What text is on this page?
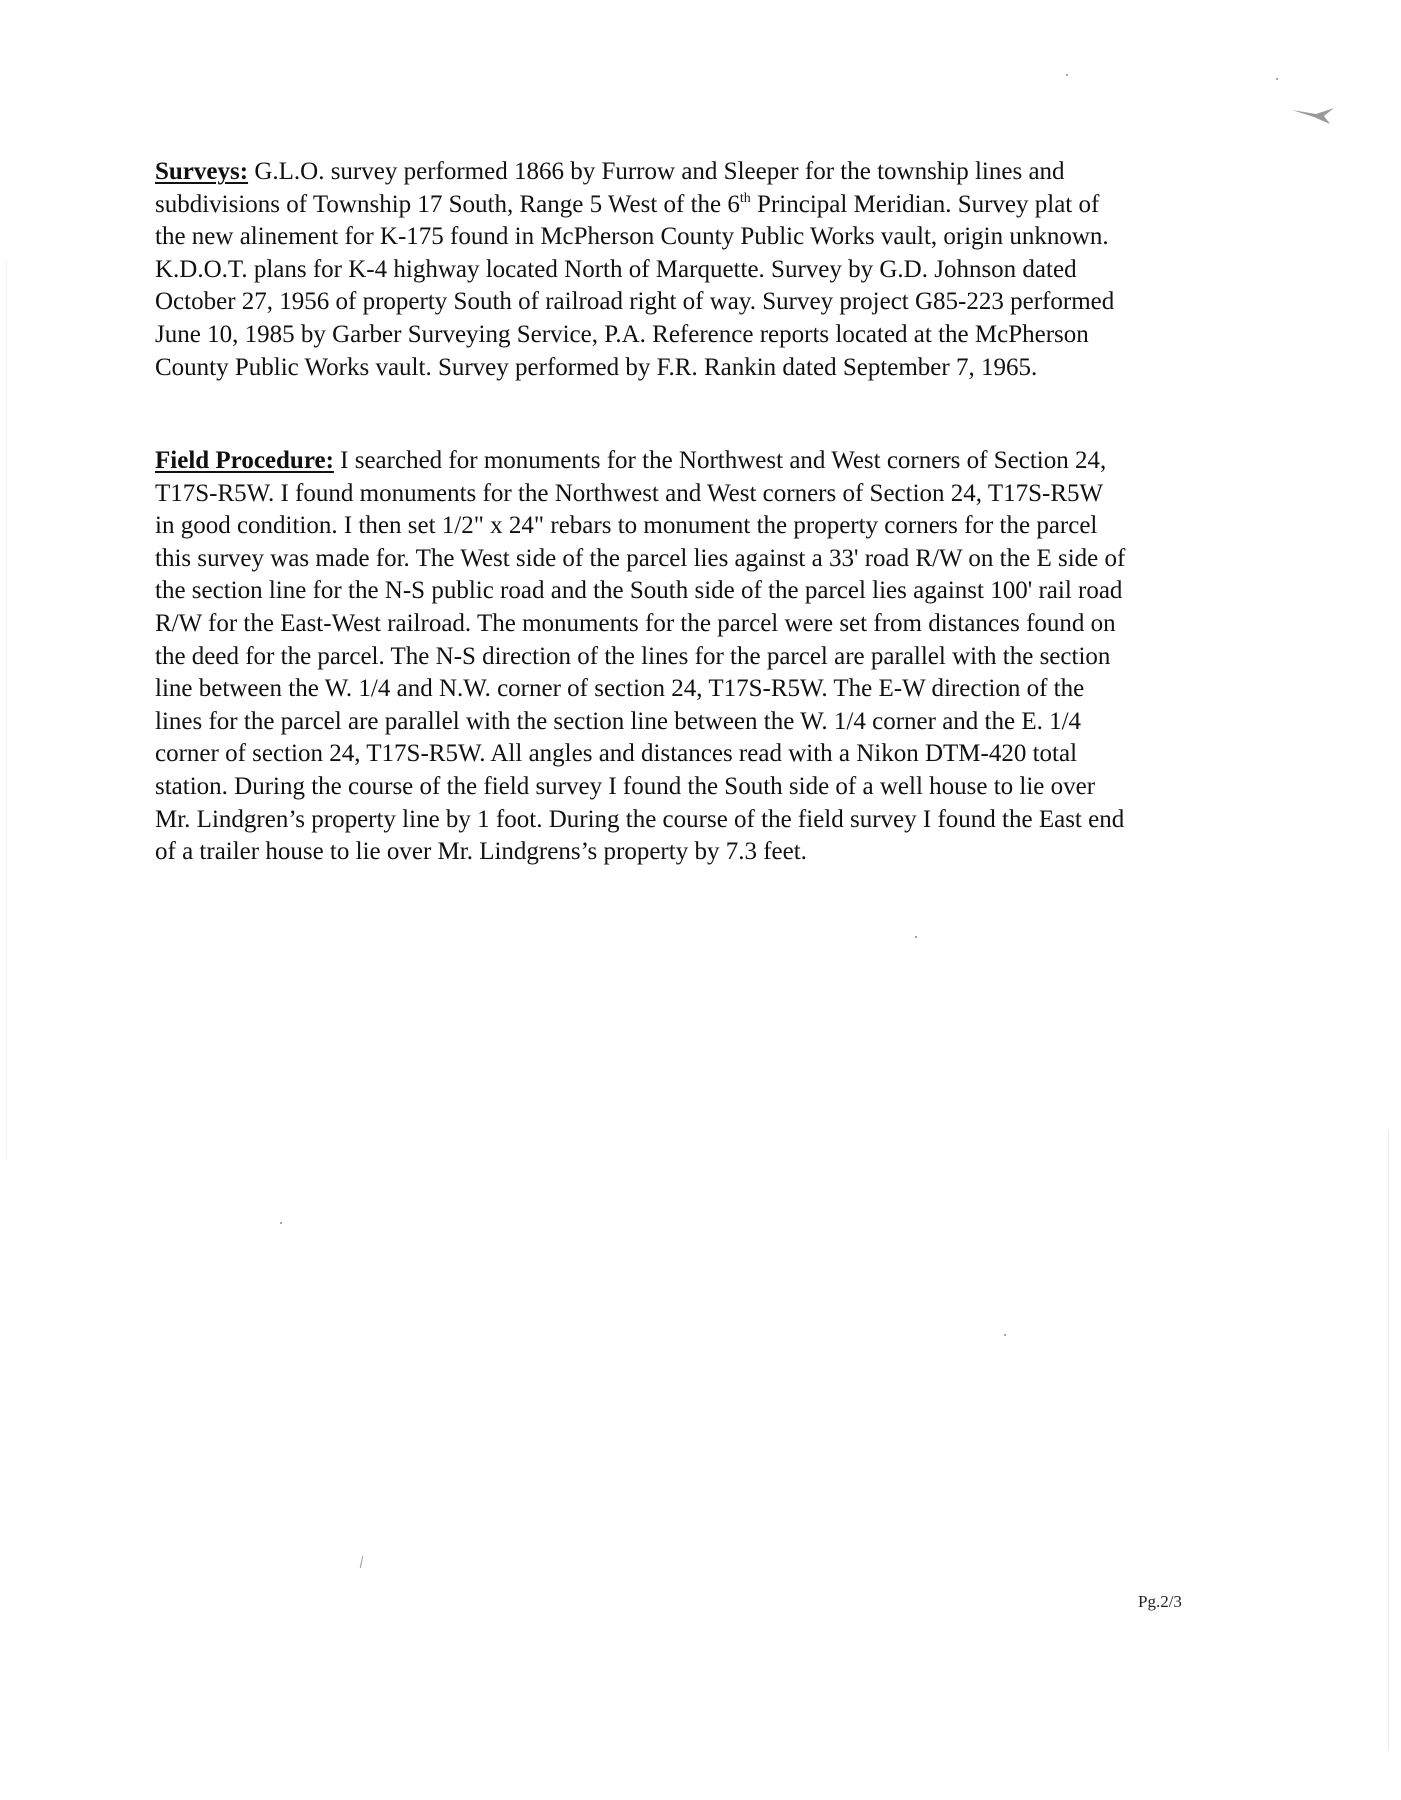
Surveys: G.L.O. survey performed 1866 by Furrow and Sleeper for the township lines and
subdivisions of Township 17 South, Range 5 West of the 6th Principal Meridian. Survey plat of
the new alinement for K-175 found in McPherson County Public Works vault, origin unknown.
K.D.O.T. plans for K-4 highway located North of Marquette. Survey by G.D. Johnson dated
October 27, 1956 of property South of railroad right of way. Survey project G85-223 performed
June 10, 1985 by Garber Surveying Service, P.A. Reference reports located at the McPherson
County Public Works vault. Survey performed by F.R. Rankin dated September 7, 1965.
Field Procedure: I searched for monuments for the Northwest and West corners of Section 24,
T17S-R5W. I found monuments for the Northwest and West corners of Section 24, T17S-R5W
in good condition. I then set 1/2" x 24" rebars to monument the property corners for the parcel
this survey was made for. The West side of the parcel lies against a 33' road R/W on the E side of
the section line for the N-S public road and the South side of the parcel lies against 100' rail road
R/W for the East-West railroad. The monuments for the parcel were set from distances found on
the deed for the parcel. The N-S direction of the lines for the parcel are parallel with the section
line between the W. 1/4 and N.W. corner of section 24, T17S-R5W. The E-W direction of the
lines for the parcel are parallel with the section line between the W. 1/4 corner and the E. 1/4
corner of section 24, T17S-R5W. All angles and distances read with a Nikon DTM-420 total
station. During the course of the field survey I found the South side of a well house to lie over
Mr. Lindgren’s property line by 1 foot. During the course of the field survey I found the East end
of a trailer house to lie over Mr. Lindgrens’s property by 7.3 feet.
Pg.2/3
